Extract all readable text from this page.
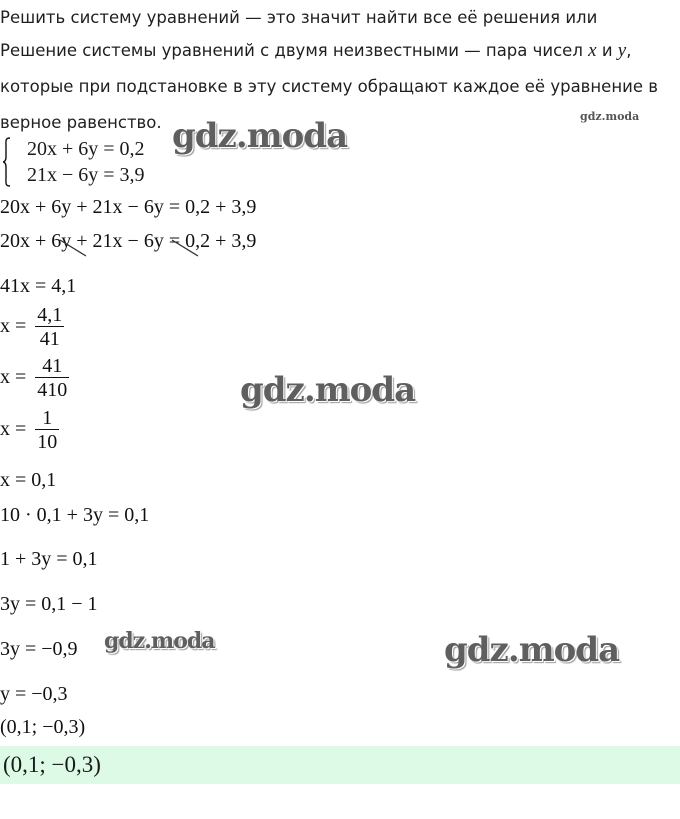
Решить систему уравнений — это значит найти все её решения или
Решение системы уравнений с двумя неизвестными — пара чисел x и y,
которые при подстановке в эту систему обращают каждое её уравнение в
верное равенство.	gdz.moda
20x + 6y = 0,2
21x − 6y = 3,9
gdz.moda
20x + 6y + 21x − 6y = 0,2 + 3,9
20x + 6y + 21x − 6y = 0,2 + 3,9
41x = 4,1
$x = \frac{4,1}{41}$
$x = \frac{41}{410}$	gdz.moda
$x = \frac{1}{10}$
x = 0,1
10 · 0,1 + 3y = 0,1
1 + 3y = 0,1
3y = 0,1 − 1
3y = −0,9 gdz.moda	gdz.moda
y = −0,3
(0,1; −0,3)
(0,1; −0,3)
